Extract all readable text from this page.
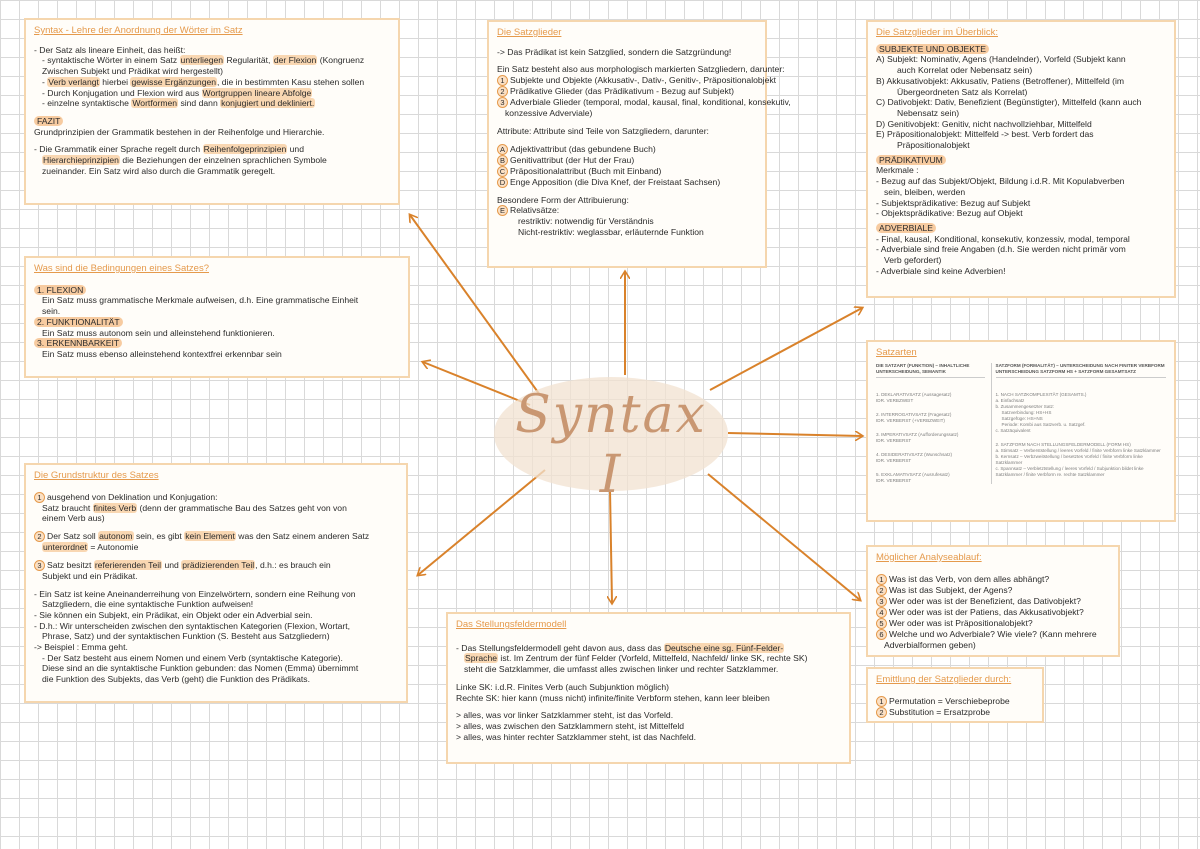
Syntax I
Syntax - Lehre der Anordnung der Wörter im Satz
- Der Satz als lineare Einheit, das heißt:
- syntaktische Wörter in einem Satz unterliegen Regularität, der Flexion (Kongruenz
Zwischen Subjekt und Prädikat wird hergestellt)
- Verb verlangt hierbei gewisse Ergänzungen, die in bestimmten Kasu stehen sollen
- Durch Konjugation und Flexion wird aus Wortgruppen lineare Abfolge
- einzelne syntaktische Wortformen sind dann konjugiert und dekliniert.
FAZIT
Grundprinzipien der Grammatik bestehen in der Reihenfolge und Hierarchie.
- Die Grammatik einer Sprache regelt durch Reihenfolgeprinzipien und
Hierarchieprinzipien die Beziehungen der einzelnen sprachlichen Symbole
zueinander. Ein Satz wird also durch die Grammatik geregelt.
Die Satzglieder
-> Das Prädikat ist kein Satzglied, sondern die Satzgründung!
Ein Satz besteht also aus morphologisch markierten Satzgliedern, darunter:
1 Subjekte und Objekte (Akkusativ-, Dativ-, Genitiv-, Präpositionalobjekt
2 Prädikative Glieder (das Prädikativum - Bezug auf Subjekt)
3 Adverbiale Glieder (temporal, modal, kausal, final, konditional, konsekutiv,
konzessive Adverviale)
Attribute: Attribute sind Teile von Satzgliedern, darunter:
A Adjektivattribut (das gebundene Buch)
B Genitivattribut (der Hut der Frau)
C Präpositionalattribut (Buch mit Einband)
D Enge Apposition (die Diva Knef, der Freistaat Sachsen)
Besondere Form der Attribuierung:
E Relativsätze:
restriktiv: notwendig für Verständnis
Nicht-restriktiv: weglassbar, erläuternde Funktion
Die Satzglieder im Überblick:
SUBJEKTE UND OBJEKTE
A) Subjekt: Nominativ, Agens (Handelnder), Vorfeld (Subjekt kann
auch Korrelat oder Nebensatz sein)
B) Akkusativobjekt: Akkusativ, Patiens (Betroffener), Mittelfeld (im
Übergeordneten Satz als Korrelat)
C) Dativobjekt: Dativ, Benefizient (Begünstigter), Mittelfeld (kann auch
Nebensatz sein)
D) Genitivobjekt: Genitiv, nicht nachvollziehbar, Mittelfeld
E) Präpositionalobjekt: Mittelfeld -> best. Verb fordert das
Präpositionalobjekt
PRÄDIKATIVUM
Merkmale :
- Bezug auf das Subjekt/Objekt, Bildung i.d.R. Mit Kopulabverben
sein, bleiben, werden
- Subjektsprädikative: Bezug auf Subjekt
- Objektsprädikative: Bezug auf Objekt
ADVERBIALE
- Final, kausal, Konditional, konsekutiv, konzessiv, modal, temporal
- Adverbiale sind freie Angaben (d.h. Sie werden nicht primär vom
Verb gefordert)
- Adverbiale sind keine Adverbien!
Was sind die Bedingungen eines Satzes?
1. FLEXION
Ein Satz muss grammatische Merkmale aufweisen, d.h. Eine grammatische Einheit
sein.
2. FUNKTIONALITÄT
Ein Satz muss autonom sein und alleinstehend funktionieren.
3. ERKENNBARKEIT
Ein Satz muss ebenso alleinstehend kontextfrei erkennbar sein	Satzarten
DIE SATZART (FUNKTION) – INHALTLICHE UNTERSCHEIDUNG, SEMANTIK
1. DEKLARATIVSATZ (Aussagesatz)
IDR. VERBZWEIT
2. INTERROGATIVSATZ (Fragesatz)
IDR. VERBERST (+VERBZWEIT)
3. IMPERATIVSATZ (Aufforderungssatz)
IDR. VERBERST
4. DESIDERATIVSATZ (Wunschsatz)
IDR. VERBERST
5. EXKLAMATIVSATZ (Ausrufesatz)
IDR. VERBERST
SATZFORM (FORMALITÄT) – UNTERSCHEIDUNG NACH FINITER VERBFORM UNTERSCHEIDUNG SATZFORM HS + SATZFORM GESAMTSATZ
1. NACH SATZKOMPLEXITÄT (GESAMTS.)
a. Einfachsatz
b. Zusammengesetzter Satz:
Satzverbindung: HS+HS
Satzgefüge: HS+NS
Periode: Kombi aus Satzverb. u. Satzgef.
c. Satzäquivalent
2. SATZFORM NACH STELLUNGSFELDERMODELL (FORM HS)
a. Stirnsatz – Verberststellung / leeres Vorfeld / finite Verbform linke Satzklammer
b. Kernsatz – Verbzweitstellung / besetztes Vorfeld / finite Verbform linke Satzklammer
c. Spannsatz – Verbletztstellung / leeres Vorfeld / Subjunktion bildet linke Satzklammer / finite Verbform re. rechte Satzklammer
Die Grundstruktur des Satzes
1 ausgehend von Deklination und Konjugation:
Satz braucht finites Verb (denn der grammatische Bau des Satzes geht von von
einem Verb aus)
2 Der Satz soll autonom sein, es gibt kein Element was den Satz einem anderen Satz
unterordnet = Autonomie
3 Satz besitzt referierenden Teil und prädizierenden Teil, d.h.: es brauch ein
Subjekt und ein Prädikat.
- Ein Satz ist keine Aneinanderreihung von Einzelwörtern, sondern eine Reihung von
Satzgliedern, die eine syntaktische Funktion aufweisen!
- Sie können ein Subjekt, ein Prädikat, ein Objekt oder ein Adverbial sein.
- D.h.: Wir unterscheiden zwischen den syntaktischen Kategorien (Flexion, Wortart,
Phrase, Satz) und der syntaktischen Funktion (S. Besteht aus Satzgliedern)
-> Beispiel : Emma geht.
- Der Satz besteht aus einem Nomen und einem Verb (syntaktische Kategorie).
Diese sind an die syntaktische Funktion gebunden: das Nomen (Emma) übernimmt
die Funktion des Subjekts, das Verb (geht) die Funktion des Prädikats.
Das Stellungsfeldermodell
- Das Stellungsfeldermodell geht davon aus, dass das Deutsche eine sg. Fünf-Felder-
Sprache ist. Im Zentrum der fünf Felder (Vorfeld, Mittelfeld, Nachfeld/ linke SK, rechte SK)
steht die Satzklammer, die umfasst alles zwischen linker und rechter Satzklammer.
Linke SK: i.d.R. Finites Verb (auch Subjunktion möglich)
Rechte SK: hier kann (muss nicht) infinite/finite Verbform stehen, kann leer bleiben
> alles, was vor linker Satzklammer steht, ist das Vorfeld.
> alles, was zwischen den Satzklammern steht, ist Mittelfeld
> alles, was hinter rechter Satzklammer steht, ist das Nachfeld.
Möglicher Analyseablauf:
1 Was ist das Verb, von dem alles abhängt?
2 Was ist das Subjekt, der Agens?
3 Wer oder was ist der Benefizient, das Dativobjekt?
4 Wer oder was ist der Patiens, das Akkusativobjekt?
5 Wer oder was ist Präpositionalobjekt?
6 Welche und wo Adverbiale? Wie viele? (Kann mehrere
Adverbialformen geben)
Emittlung der Satzglieder durch:
1 Permutation = Verschiebeprobe
2 Substitution = Ersatzprobe
